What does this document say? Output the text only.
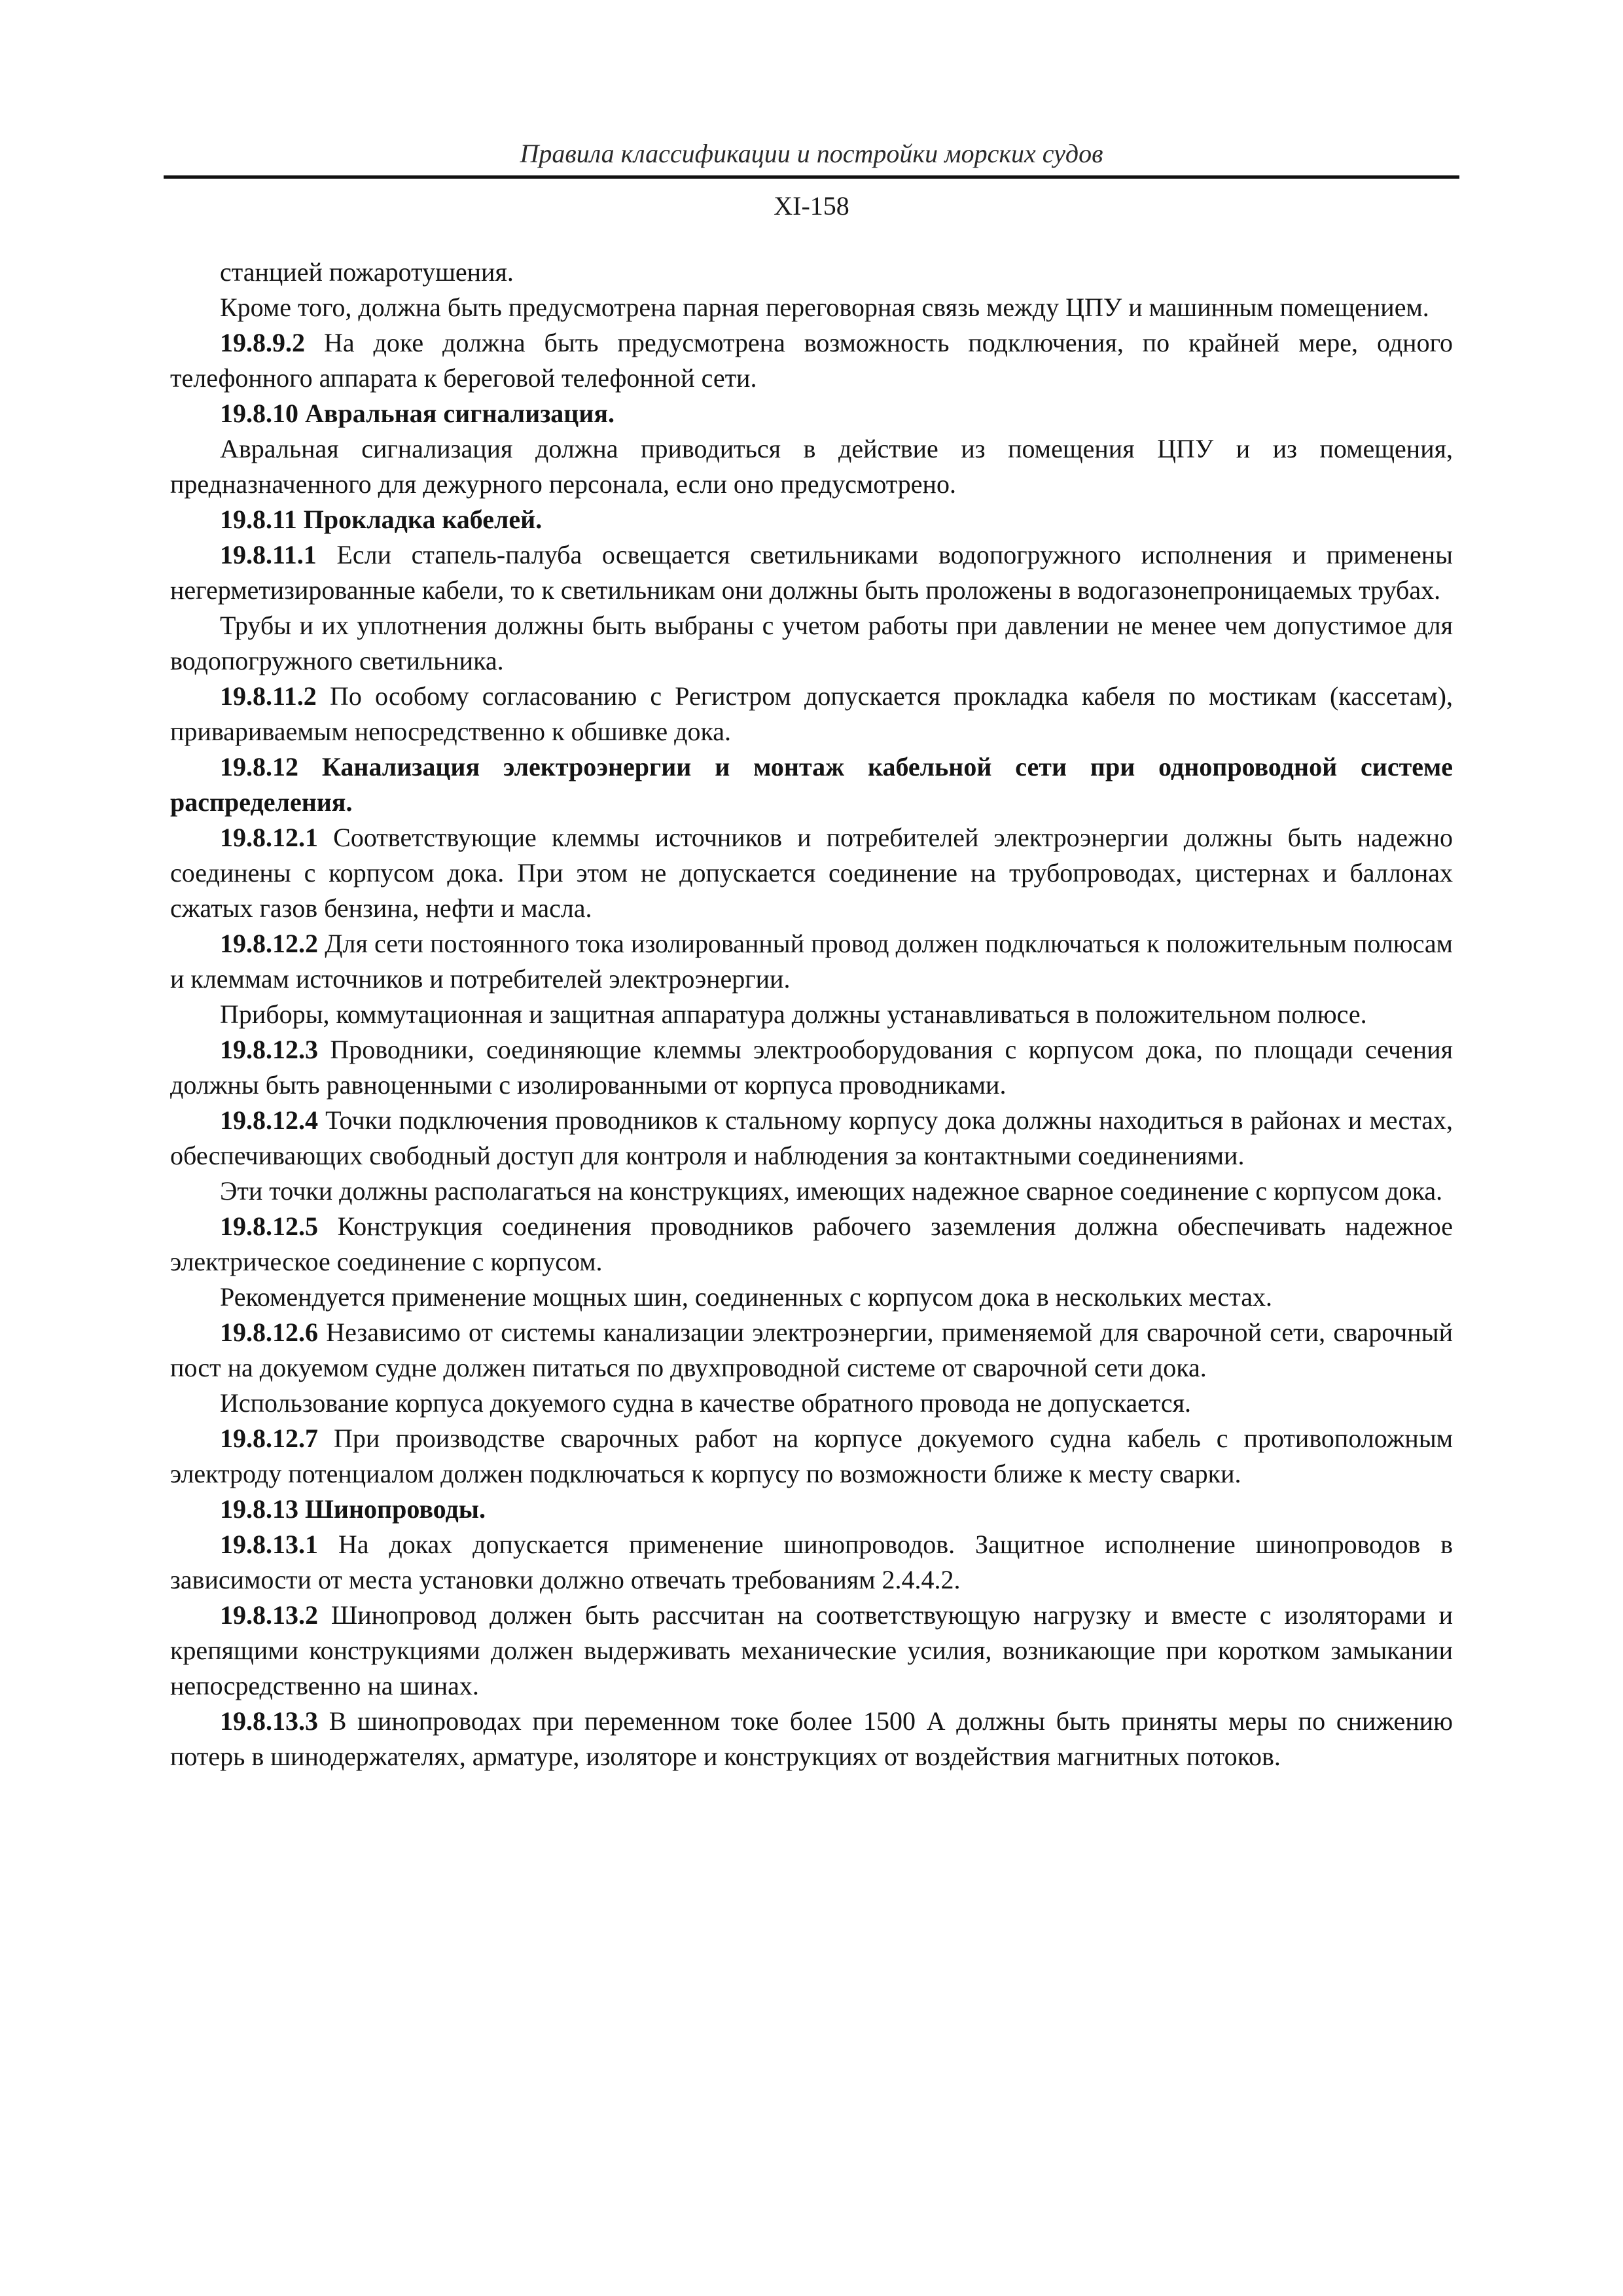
Правила классификации и постройки морских судов
XI-158

станцией пожаротушения.

Кроме того, должна быть предусмотрена парная переговорная связь между ЦПУ и машинным помещением.

19.8.9.2 На доке должна быть предусмотрена возможность подключения, по крайней мере, одного телефонного аппарата к береговой телефонной сети.

19.8.10 Авральная сигнализация.

Авральная сигнализация должна приводиться в действие из помещения ЦПУ и из помещения, предназначенного для дежурного персонала, если оно предусмотрено.

19.8.11 Прокладка кабелей.

19.8.11.1 Если стапель-палуба освещается светильниками водопогружного исполнения и применены негерметизированные кабели, то к светильникам они должны быть проложены в водогазонепроницаемых трубах.

Трубы и их уплотнения должны быть выбраны с учетом работы при давлении не менее чем допустимое для водопогружного светильника.

19.8.11.2 По особому согласованию с Регистром допускается прокладка кабеля по мостикам (кассетам), привариваемым непосредственно к обшивке дока.

19.8.12 Канализация электроэнергии и монтаж кабельной сети при однопроводной системе распределения.

19.8.12.1 Соответствующие клеммы источников и потребителей электроэнергии должны быть надежно соединены с корпусом дока. При этом не допускается соединение на трубопроводах, цистернах и баллонах сжатых газов бензина, нефти и масла.

19.8.12.2 Для сети постоянного тока изолированный провод должен подключаться к положительным полюсам и клеммам источников и потребителей электроэнергии.

Приборы, коммутационная и защитная аппаратура должны устанавливаться в положительном полюсе.

19.8.12.3 Проводники, соединяющие клеммы электрооборудования с корпусом дока, по площади сечения должны быть равноценными с изолированными от корпуса проводниками.

19.8.12.4 Точки подключения проводников к стальному корпусу дока должны находиться в районах и местах, обеспечивающих свободный доступ для контроля и наблюдения за контактными соединениями.

Эти точки должны располагаться на конструкциях, имеющих надежное сварное соединение с корпусом дока.

19.8.12.5 Конструкция соединения проводников рабочего заземления должна обеспечивать надежное электрическое соединение с корпусом.

Рекомендуется применение мощных шин, соединенных с корпусом дока в нескольких местах.

19.8.12.6 Независимо от системы канализации электроэнергии, применяемой для сварочной сети, сварочный пост на докуемом судне должен питаться по двухпроводной системе от сварочной сети дока.

Использование корпуса докуемого судна в качестве обратного провода не допускается.

19.8.12.7 При производстве сварочных работ на корпусе докуемого судна кабель с противоположным электроду потенциалом должен подключаться к корпусу по возможности ближе к месту сварки.

19.8.13 Шинопроводы.

19.8.13.1 На доках допускается применение шинопроводов. Защитное исполнение шинопроводов в зависимости от места установки должно отвечать требованиям 2.4.4.2.

19.8.13.2 Шинопровод должен быть рассчитан на соответствующую нагрузку и вместе с изоляторами и крепящими конструкциями должен выдерживать механические усилия, возникающие при коротком замыкании непосредственно на шинах.

19.8.13.3 В шинопроводах при переменном токе более 1500 А должны быть приняты меры по снижению потерь в шинодержателях, арматуре, изоляторе и конструкциях от воздействия магнитных потоков.
